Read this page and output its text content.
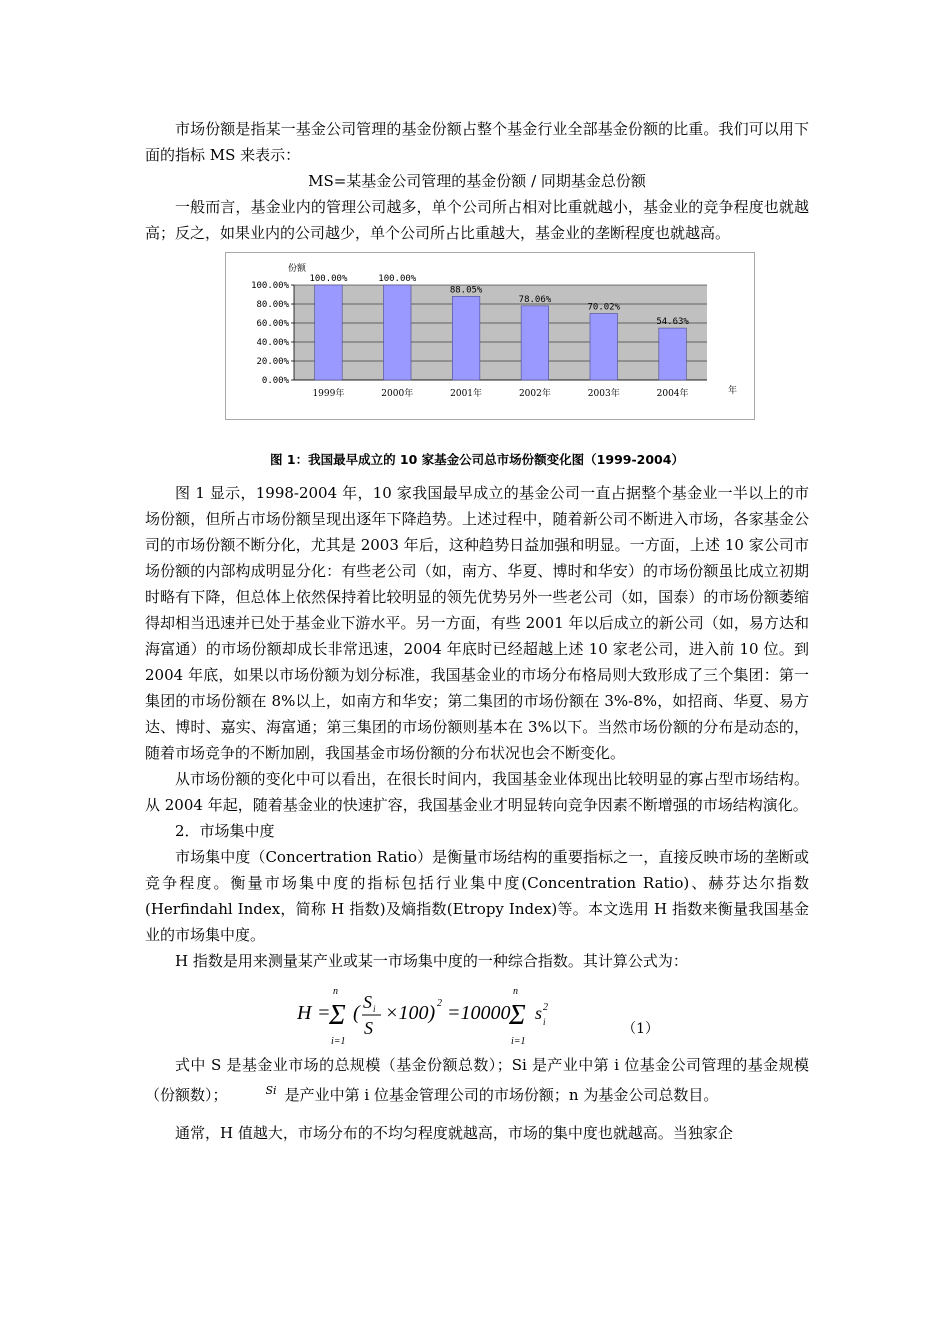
市场份额是指某一基金公司管理的基金份额占整个基金行业全部基金份额的比重。我们可以用下面的指标 MS 来表示：

MS=某基金公司管理的基金份额 / 同期基金总份额

一般而言，基金业内的管理公司越多，单个公司所占相对比重就越小，基金业的竞争程度也就越高；反之，如果业内的公司越少，单个公司所占比重越大，基金业的垄断程度也就越高。

0.00%
20.00%
40.00%
60.00%
80.00%
100.00%
100.00%
1999年
100.00%
2000年
88.05%
2001年
78.06%
2002年
70.02%
2003年
54.63%
2004年
份额
年
图 1：我国最早成立的 10 家基金公司总市场份额变化图（1999-2004）

图 1 显示，1998-2004 年，10 家我国最早成立的基金公司一直占据整个基金业一半以上的市场份额，但所占市场份额呈现出逐年下降趋势。上述过程中，随着新公司不断进入市场，各家基金公司的市场份额不断分化，尤其是 2003 年后，这种趋势日益加强和明显。一方面，上述 10 家公司市场份额的内部构成明显分化：有些老公司（如，南方、华夏、博时和华安）的市场份额虽比成立初期时略有下降，但总体上依然保持着比较明显的领先优势另外一些老公司（如，国泰）的市场份额萎缩得却相当迅速并已处于基金业下游水平。另一方面，有些 2001 年以后成立的新公司（如，易方达和海富通）的市场份额却成长非常迅速，2004 年底时已经超越上述 10 家老公司，进入前 10 位。到 2004 年底，如果以市场份额为划分标准，我国基金业的市场分布格局则大致形成了三个集团：第一集团的市场份额在 8%以上，如南方和华安；第二集团的市场份额在 3%-8%，如招商、华夏、易方达、博时、嘉实、海富通；第三集团的市场份额则基本在 3%以下。当然市场份额的分布是动态的，随着市场竞争的不断加剧，我国基金市场份额的分布状况也会不断变化。

从市场份额的变化中可以看出，在很长时间内，我国基金业体现出比较明显的寡占型市场结构。从 2004 年起，随着基金业的快速扩容，我国基金业才明显转向竞争因素不断增强的市场结构演化。

2．市场集中度

市场集中度（Concertration Ratio）是衡量市场结构的重要指标之一，直接反映市场的垄断或竞争程度。衡量市场集中度的指标包括行业集中度(Concentration Ratio)、赫芬达尔指数(Herfindahl Index，简称 H 指数)及熵指数(Etropy Index)等。本文选用 H 指数来衡量我国基金业的市场集中度。

H 指数是用来测量某产业或某一市场集中度的一种综合指数。其计算公式为：

H =
n
Σ
i=1
( S i
S
×100) 2 =10000
n
Σ
i=1
s 2
i	（1）

式中 S 是基金业市场的总规模（基金份额总数）；Si 是产业中第 i 位基金公司管理的基金规模（份额数）；	Si 是产业中第 i 位基金管理公司的市场份额；n 为基金公司总数目。

通常，H 值越大，市场分布的不均匀程度就越高，市场的集中度也就越高。当独家企
